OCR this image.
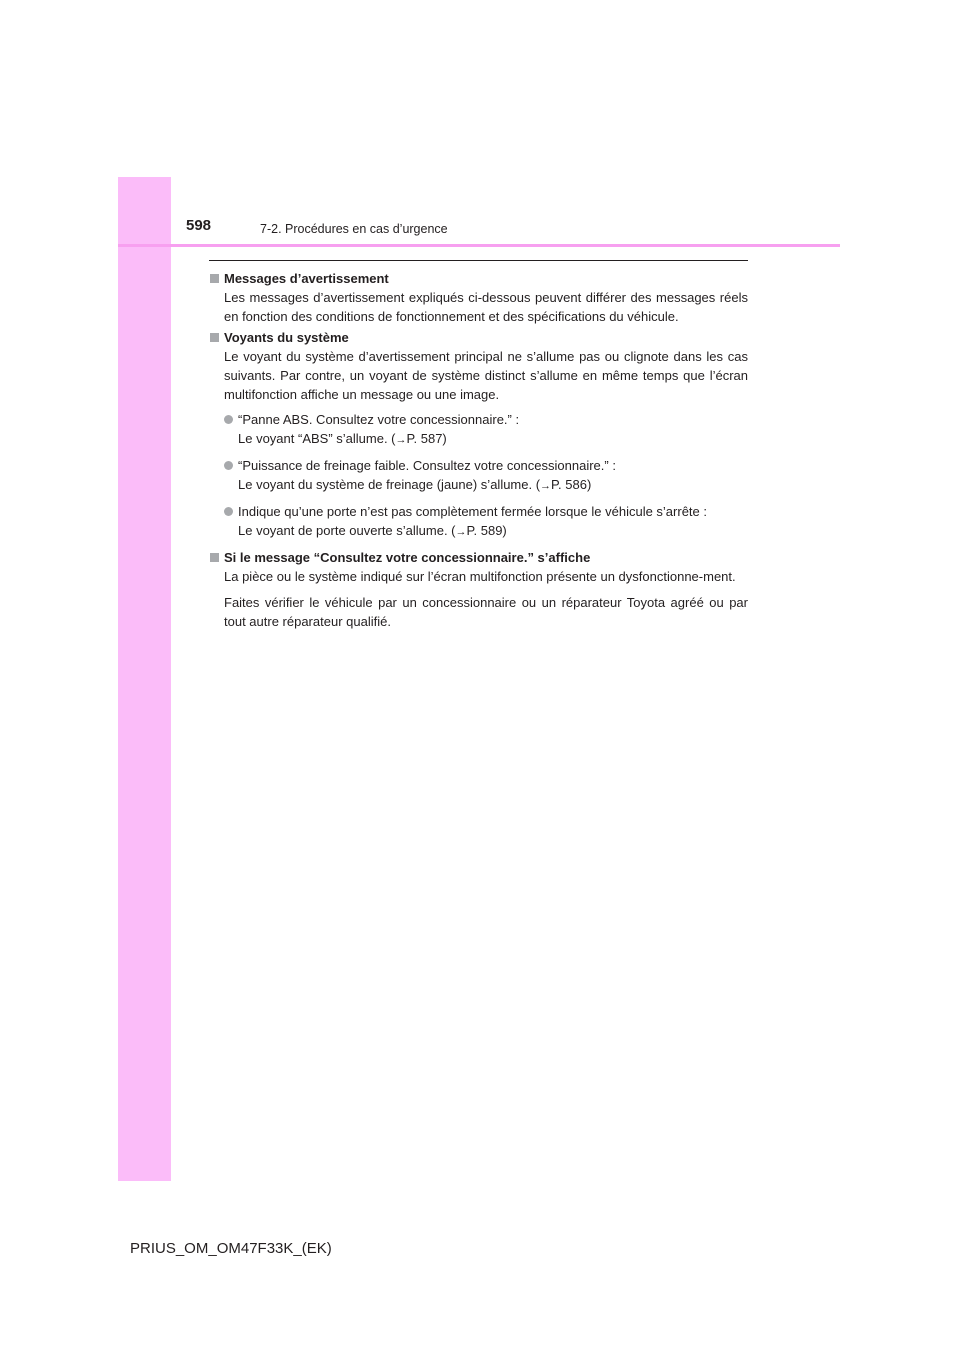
598	7-2. Procédures en cas d’urgence
Messages d’avertissement
Les messages d’avertissement expliqués ci-dessous peuvent différer des messages réels en fonction des conditions de fonctionnement et des spécifications du véhicule.
Voyants du système
Le voyant du système d’avertissement principal ne s’allume pas ou clignote dans les cas suivants. Par contre, un voyant de système distinct s’allume en même temps que l’écran multifonction affiche un message ou une image.
“Panne ABS. Consultez votre concessionnaire.” :
Le voyant “ABS” s’allume. (→P. 587)
“Puissance de freinage faible. Consultez votre concessionnaire.” :
Le voyant du système de freinage (jaune) s’allume. (→P. 586)
Indique qu’une porte n’est pas complètement fermée lorsque le véhicule s’arrête :
Le voyant de porte ouverte s’allume. (→P. 589)
Si le message “Consultez votre concessionnaire.” s’affiche
La pièce ou le système indiqué sur l’écran multifonction présente un dysfonctionne-ment.
Faites vérifier le véhicule par un concessionnaire ou un réparateur Toyota agréé ou par tout autre réparateur qualifié.
PRIUS_OM_OM47F33K_(EK)
